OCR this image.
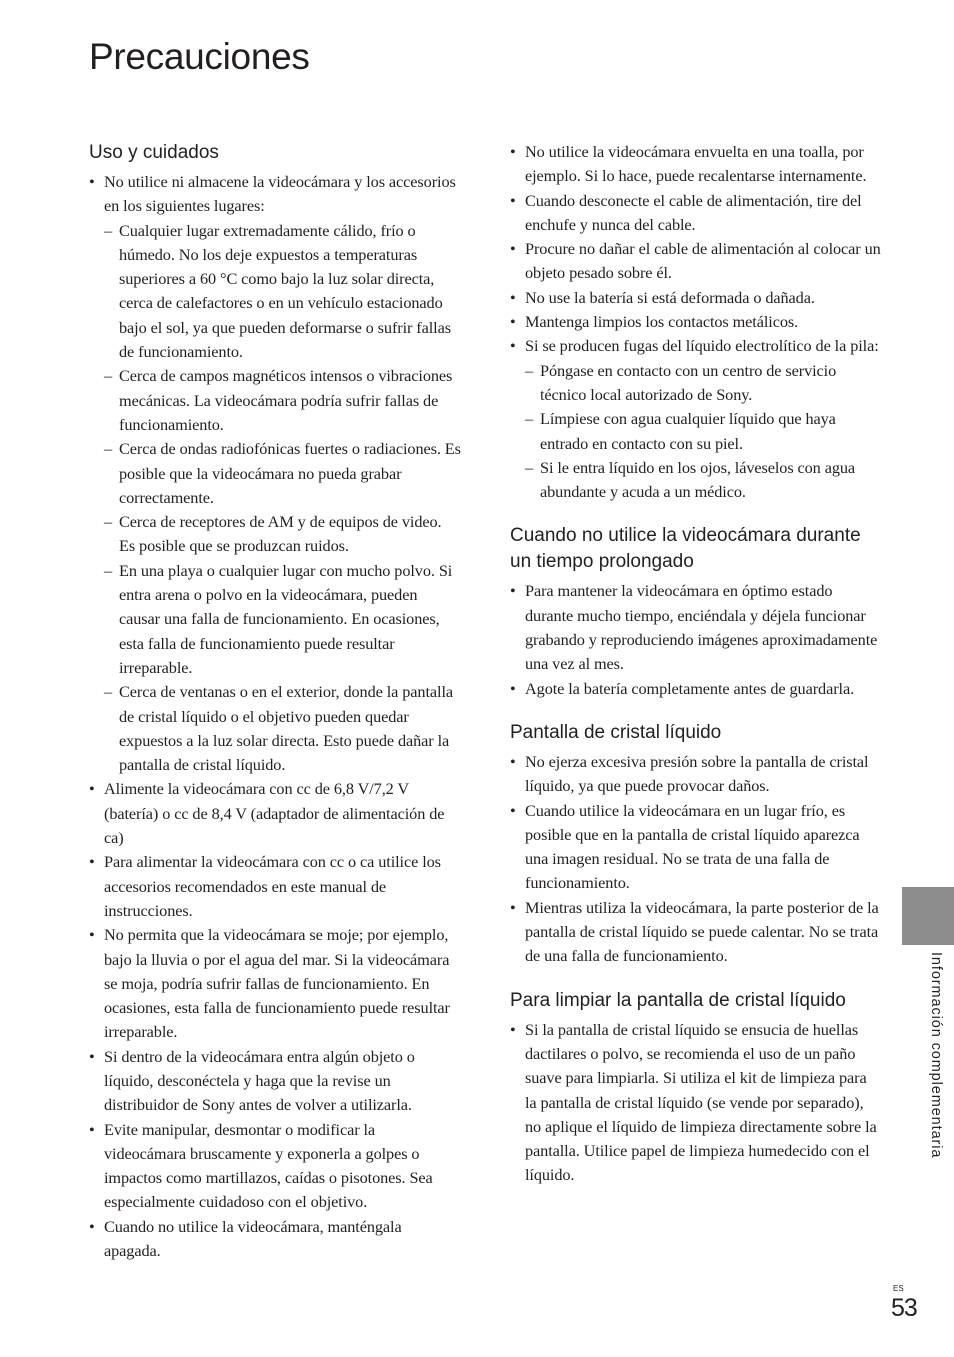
Precauciones
Uso y cuidados
• No utilice ni almacene la videocámara y los accesorios en los siguientes lugares:
– Cualquier lugar extremadamente cálido, frío o húmedo. No los deje expuestos a temperaturas superiores a 60 °C como bajo la luz solar directa, cerca de calefactores o en un vehículo estacionado bajo el sol, ya que pueden deformarse o sufrir fallas de funcionamiento.
– Cerca de campos magnéticos intensos o vibraciones mecánicas. La videocámara podría sufrir fallas de funcionamiento.
– Cerca de ondas radiofónicas fuertes o radiaciones. Es posible que la videocámara no pueda grabar correctamente.
– Cerca de receptores de AM y de equipos de video. Es posible que se produzcan ruidos.
– En una playa o cualquier lugar con mucho polvo. Si entra arena o polvo en la videocámara, pueden causar una falla de funcionamiento. En ocasiones, esta falla de funcionamiento puede resultar irreparable.
– Cerca de ventanas o en el exterior, donde la pantalla de cristal líquido o el objetivo pueden quedar expuestos a la luz solar directa. Esto puede dañar la pantalla de cristal líquido.
• Alimente la videocámara con cc de 6,8 V/7,2 V (batería) o cc de 8,4 V (adaptador de alimentación de ca)
• Para alimentar la videocámara con cc o ca utilice los accesorios recomendados en este manual de instrucciones.
• No permita que la videocámara se moje; por ejemplo, bajo la lluvia o por el agua del mar. Si la videocámara se moja, podría sufrir fallas de funcionamiento. En ocasiones, esta falla de funcionamiento puede resultar irreparable.
• Si dentro de la videocámara entra algún objeto o líquido, desconéctela y haga que la revise un distribuidor de Sony antes de volver a utilizarla.
• Evite manipular, desmontar o modificar la videocámara bruscamente y exponerla a golpes o impactos como martillazos, caídas o pisotones. Sea especialmente cuidadoso con el objetivo.
• Cuando no utilice la videocámara, manténgala apagada.
• No utilice la videocámara envuelta en una toalla, por ejemplo. Si lo hace, puede recalentarse internamente.
• Cuando desconecte el cable de alimentación, tire del enchufe y nunca del cable.
• Procure no dañar el cable de alimentación al colocar un objeto pesado sobre él.
• No use la batería si está deformada o dañada.
• Mantenga limpios los contactos metálicos.
• Si se producen fugas del líquido electrolítico de la pila:
– Póngase en contacto con un centro de servicio técnico local autorizado de Sony.
– Límpiese con agua cualquier líquido que haya entrado en contacto con su piel.
– Si le entra líquido en los ojos, láveselos con agua abundante y acuda a un médico.
Cuando no utilice la videocámara durante un tiempo prolongado
• Para mantener la videocámara en óptimo estado durante mucho tiempo, enciéndala y déjela funcionar grabando y reproduciendo imágenes aproximadamente una vez al mes.
• Agote la batería completamente antes de guardarla.
Pantalla de cristal líquido
• No ejerza excesiva presión sobre la pantalla de cristal líquido, ya que puede provocar daños.
• Cuando utilice la videocámara en un lugar frío, es posible que en la pantalla de cristal líquido aparezca una imagen residual. No se trata de una falla de funcionamiento.
• Mientras utiliza la videocámara, la parte posterior de la pantalla de cristal líquido se puede calentar. No se trata de una falla de funcionamiento.
Para limpiar la pantalla de cristal líquido
• Si la pantalla de cristal líquido se ensucia de huellas dactilares o polvo, se recomienda el uso de un paño suave para limpiarla. Si utiliza el kit de limpieza para la pantalla de cristal líquido (se vende por separado), no aplique el líquido de limpieza directamente sobre la pantalla. Utilice papel de limpieza humedecido con el líquido.
Información complementaria
ES
53
